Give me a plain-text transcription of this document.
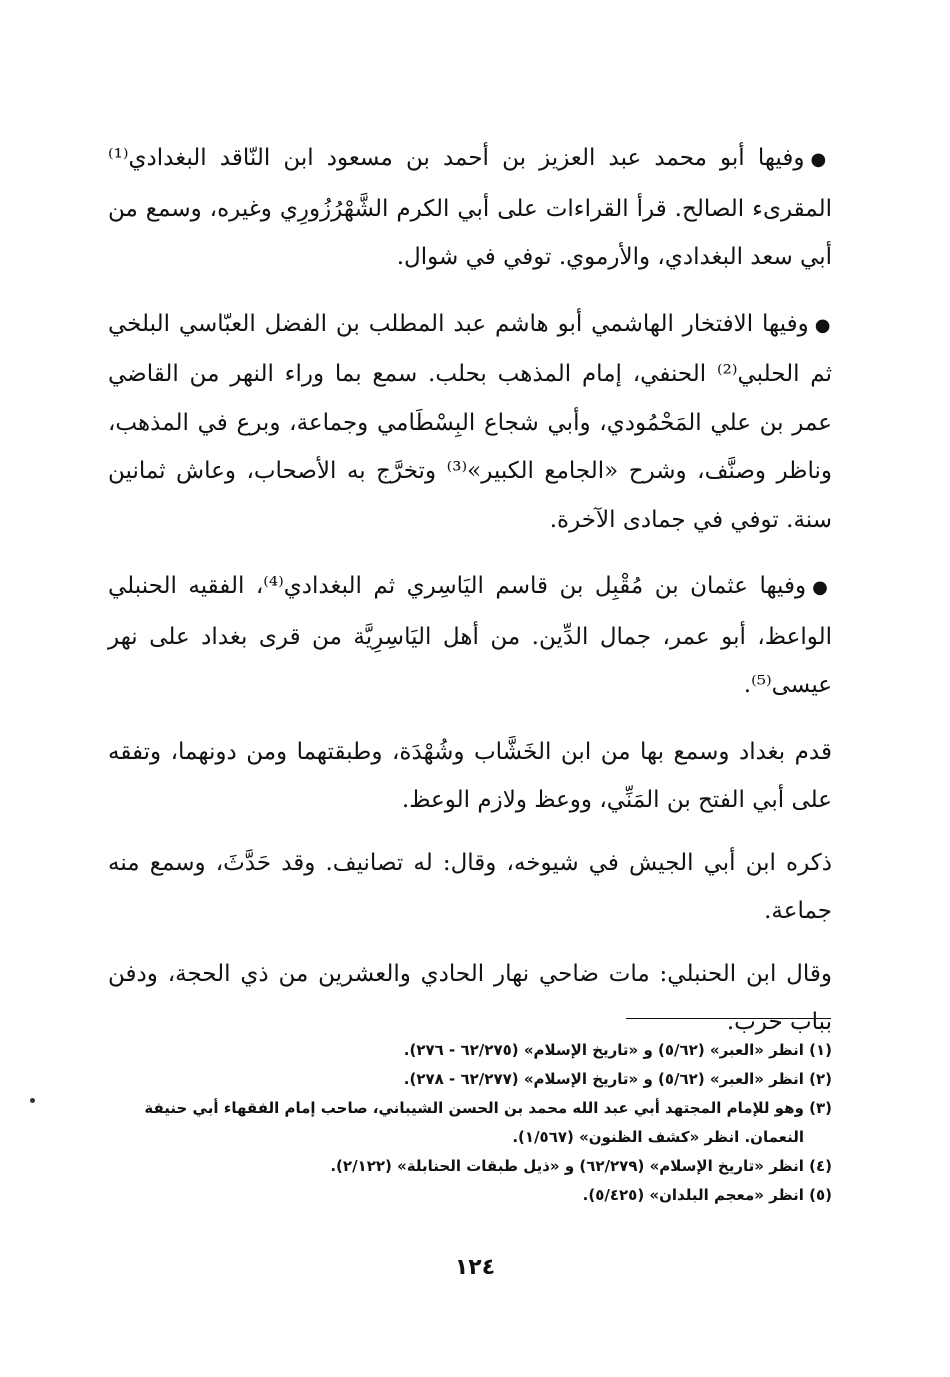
●وفيها أبو محمد عبد العزيز بن أحمد بن مسعود ابن النّاقد البغدادي⁽¹⁾ المقرىء الصالح. قرأ القراءات على أبي الكرم الشَّهْرُزُورِي وغيره، وسمع من أبي سعد البغدادي، والأرموي. توفي في شوال.

●وفيها الافتخار الهاشمي أبو هاشم عبد المطلب بن الفضل العبّاسي البلخي ثم الحلبي⁽²⁾ الحنفي، إمام المذهب بحلب. سمع بما وراء النهر من القاضي عمر بن علي المَحْمُودي، وأبي شجاع البِسْطَامي وجماعة، وبرع في المذهب، وناظر وصنَّف، وشرح «الجامع الكبير»⁽³⁾ وتخرَّج به الأصحاب، وعاش ثمانين سنة. توفي في جمادى الآخرة.

●وفيها عثمان بن مُقْبِل بن قاسم اليَاسِري ثم البغدادي⁽⁴⁾، الفقيه الحنبلي الواعظ، أبو عمر، جمال الدِّين. من أهل اليَاسِرِيَّة من قرى بغداد على نهر عيسى⁽⁵⁾.

قدم بغداد وسمع بها من ابن الخَشَّاب وشُهْدَة، وطبقتهما ومن دونهما، وتفقه على أبي الفتح بن المَنِّي، ووعظ ولازم الوعظ.

ذكره ابن أبي الجيش في شيوخه، وقال: له تصانيف. وقد حَدَّثَ، وسمع منه جماعة.

وقال ابن الحنبلي: مات ضاحي نهار الحادي والعشرين من ذي الحجة، ودفن بباب حرب.

(١) انظر «العبر» (٥/٦٢) و «تاريخ الإسلام» (٦٢/٢٧٥ - ٢٧٦).
(٢) انظر «العبر» (٥/٦٢) و «تاريخ الإسلام» (٦٢/٢٧٧ - ٢٧٨).
(٣) وهو للإمام المجتهد أبي عبد الله محمد بن الحسن الشيباني، صاحب إمام الفقهاء أبي حنيفة النعمان. انظر «كشف الظنون» (١/٥٦٧).
(٤) انظر «تاريخ الإسلام» (٦٢/٢٧٩) و «ذيل طبقات الحنابلة» (٢/١٢٢).
(٥) انظر «معجم البلدان» (٥/٤٢٥).
١٢٤
